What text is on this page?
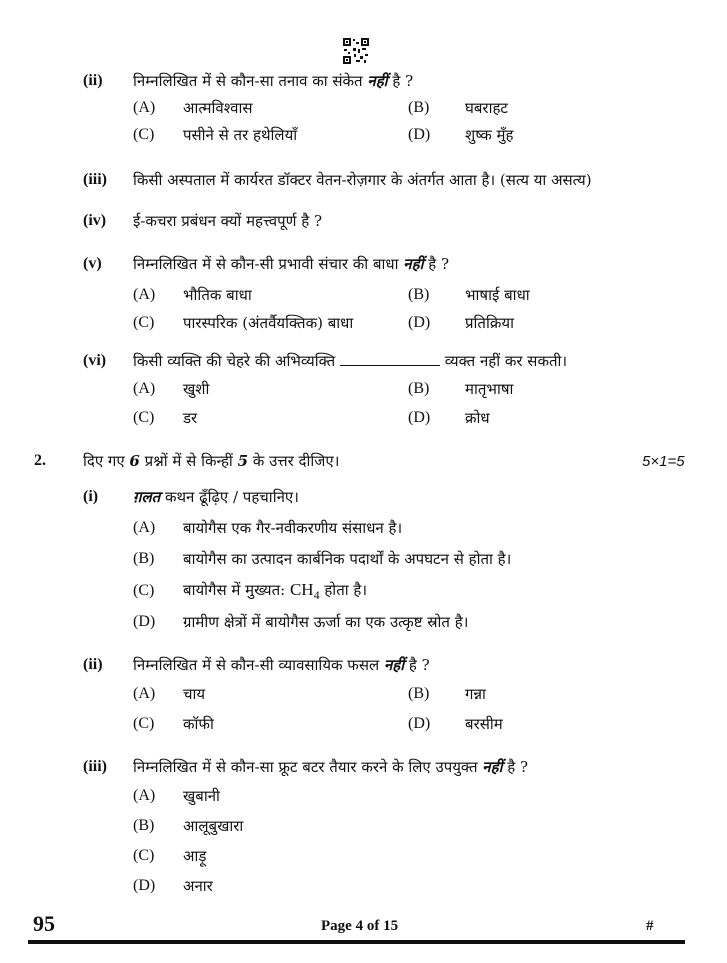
(ii) निम्नलिखित में से कौन-सा तनाव का संकेत नहीं है ?
(A) आत्मविश्वास	(B) घबराहट
(C) पसीने से तर हथेलियाँ	(D) शुष्क मुँह
(iii) किसी अस्पताल में कार्यरत डॉक्टर वेतन-रोज़गार के अंतर्गत आता है। (सत्य या असत्य)
(iv) ई-कचरा प्रबंधन क्यों महत्त्वपूर्ण है ?
(v) निम्नलिखित में से कौन-सी प्रभावी संचार की बाधा नहीं है ?
(A) भौतिक बाधा	(B) भाषाई बाधा
(C) पारस्परिक (अंतर्वैयक्तिक) बाधा	(D) प्रतिक्रिया
(vi) किसी व्यक्ति की चेहरे की अभिव्यक्ति	व्यक्त नहीं कर सकती।
(A) खुशी	(B) मातृभाषा
(C) डर	(D) क्रोध
2. दिए गए 6 प्रश्नों में से किन्हीं 5 के उत्तर दीजिए।	5×1=5
(i) ग़लत कथन ढूँढ़िए / पहचानिए।
(A) बायोगैस एक गैर-नवीकरणीय संसाधन है।
(B) बायोगैस का उत्पादन कार्बनिक पदार्थों के अपघटन से होता है।
(C) बायोगैस में मुख्यत: $CH_4$ होता है।
(D) ग्रामीण क्षेत्रों में बायोगैस ऊर्जा का एक उत्कृष्ट स्रोत है।
(ii) निम्नलिखित में से कौन-सी व्यावसायिक फसल नहीं है ?
(A) चाय	(B) गन्ना
(C) कॉफी	(D) बरसीम
(iii) निम्नलिखित में से कौन-सा फ्रूट बटर तैयार करने के लिए उपयुक्त नहीं है ?
(A) खुबानी
(B) आलूबुखारा
(C) आड़ू
(D) अनार
95	Page 4 of 15	#
